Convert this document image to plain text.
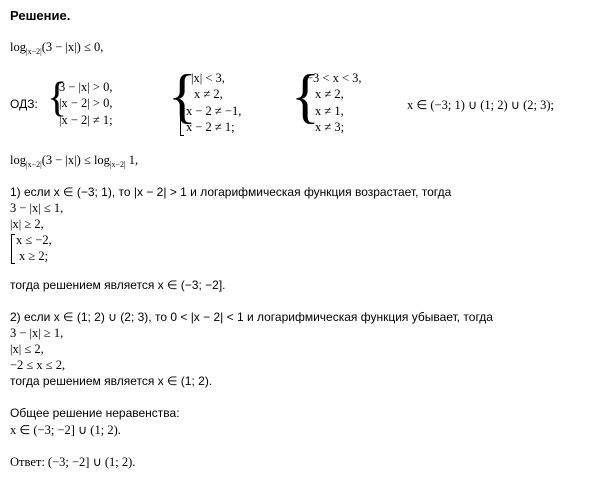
Решение.
$\log_{|x-2|}(3 - |x|) \le 0$,
ОДЗ: {
3 − |x| > 0,
|x − 2| > 0,
|x − 2| ≠ 1; {
|x| < 3,
x ≠ 2,
x − 2 ≠ −1,
x − 2 ≠ 1; {
−3 < x < 3,
x ≠ 2,
x ≠ 1,
x ≠ 3;
x ∈ (−3; 1) ∪ (1; 2) ∪ (2; 3);
$\log_{|x-2|}(3 - |x|) \le \log_{|x-2|} 1$,
1) если x ∈ (−3; 1), то |x − 2| > 1 и логарифмическая функция возрастает, тогда
3 − |x| ≤ 1,
|x| ≥ 2,
x ≤ −2,
x ≥ 2;
тогда решением является x ∈ (−3; −2].
2) если x ∈ (1; 2) ∪ (2; 3), то 0 < |x − 2| < 1 и логарифмическая функция убывает, тогда
3 − |x| ≥ 1,
|x| ≤ 2,
−2 ≤ x ≤ 2,
тогда решением является x ∈ (1; 2).
Общее решение неравенства:
x ∈ (−3; −2] ∪ (1; 2).
Ответ: (−3; −2] ∪ (1; 2).
